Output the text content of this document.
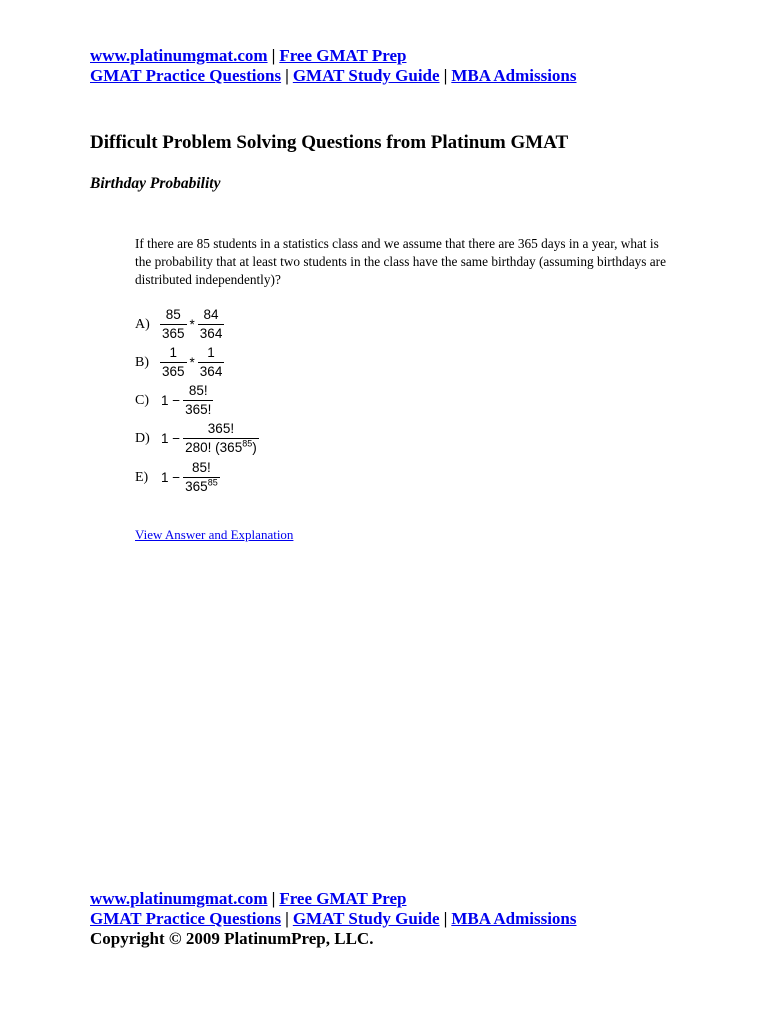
www.platinumgmat.com | Free GMAT Prep
GMAT Practice Questions | GMAT Study Guide | MBA Admissions
Difficult Problem Solving Questions from Platinum GMAT
Birthday Probability
If there are 85 students in a statistics class and we assume that there are 365 days in a year, what is the probability that at least two students in the class have the same birthday (assuming birthdays are distributed independently)?
$A) \frac{85}{365} * \frac{84}{364}$
$B) \frac{1}{365} * \frac{1}{364}$
C) $1 - \frac{85!}{365!}$
D) $1 - \frac{365!}{280! (365^{85})}$
E) $1 - \frac{85!}{365^{85}}$
View Answer and Explanation
www.platinumgmat.com | Free GMAT Prep
GMAT Practice Questions | GMAT Study Guide | MBA Admissions
Copyright © 2009 PlatinumPrep, LLC.
